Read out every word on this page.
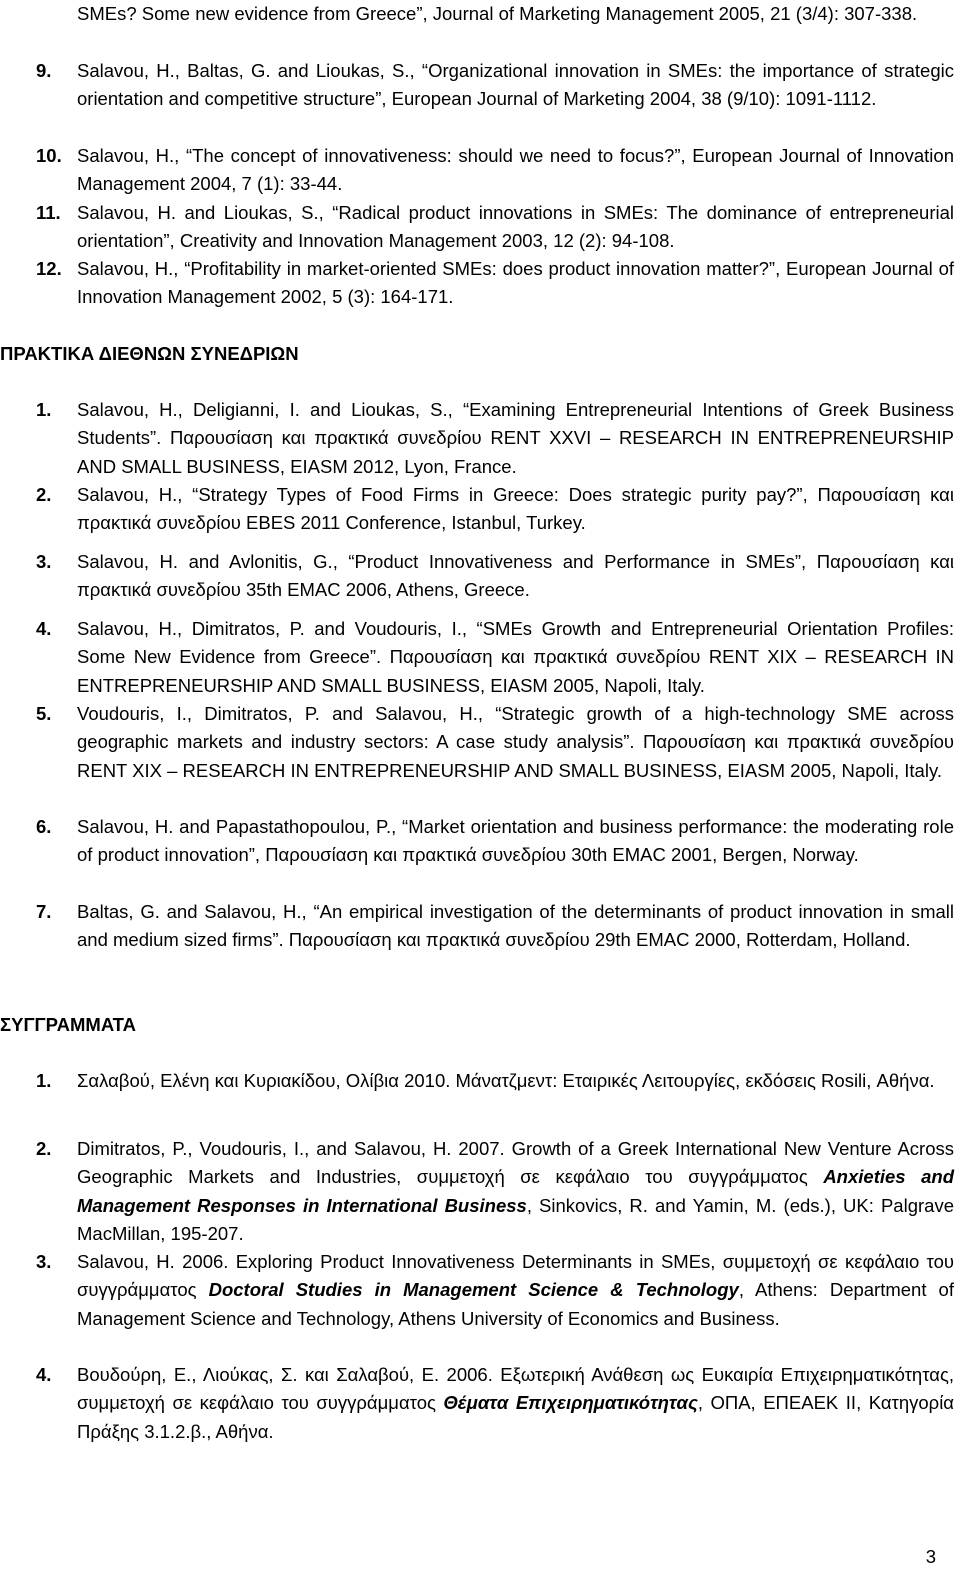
SMEs? Some new evidence from Greece”, Journal of Marketing Management 2005, 21 (3/4): 307-338.
9. Salavou, H., Baltas, G. and Lioukas, S., “Organizational innovation in SMEs: the importance of strategic orientation and competitive structure”, European Journal of Marketing 2004, 38 (9/10): 1091-1112.
10. Salavou, H., “The concept of innovativeness: should we need to focus?”, European Journal of Innovation Management 2004, 7 (1): 33-44.
11. Salavou, H. and Lioukas, S., “Radical product innovations in SMEs: The dominance of entrepreneurial orientation”, Creativity and Innovation Management 2003, 12 (2): 94-108.
12. Salavou, H., “Profitability in market-oriented SMEs: does product innovation matter?”, European Journal of Innovation Management 2002, 5 (3): 164-171.
ΠΡΑΚΤΙΚΑ ΔΙΕΘΝΩΝ ΣΥΝΕΔΡΙΩΝ
1. Salavou, H., Deligianni, I. and Lioukas, S., “Examining Entrepreneurial Intentions of Greek Business Students”. Παρουσίαση και πρακτικά συνεδρίου RENT XXVI – RESEARCH IN ENTREPRENEURSHIP AND SMALL BUSINESS, EIASM 2012, Lyon, France.
2. Salavou, H., “Strategy Types of Food Firms in Greece: Does strategic purity pay?”, Παρουσίαση και πρακτικά συνεδρίου EBES 2011 Conference, Istanbul, Turkey.
3. Salavou, H. and Avlonitis, G., “Product Innovativeness and Performance in SMEs”, Παρουσίαση και πρακτικά συνεδρίου 35th EMAC 2006, Athens, Greece.
4. Salavou, H., Dimitratos, P. and Voudouris, I., “SMEs Growth and Entrepreneurial Orientation Profiles: Some New Evidence from Greece”. Παρουσίαση και πρακτικά συνεδρίου RENT XIX – RESEARCH IN ENTREPRENEURSHIP AND SMALL BUSINESS, EIASM 2005, Napoli, Italy.
5. Voudouris, I., Dimitratos, P. and Salavou, H., “Strategic growth of a high-technology SME across geographic markets and industry sectors: A case study analysis”. Παρουσίαση και πρακτικά συνεδρίου RENT XIX – RESEARCH IN ENTREPRENEURSHIP AND SMALL BUSINESS, EIASM 2005, Napoli, Italy.
6. Salavou, H. and Papastathopoulou, P., “Market orientation and business performance: the moderating role of product innovation”, Παρουσίαση και πρακτικά συνεδρίου 30th EMAC 2001, Bergen, Norway.
7. Baltas, G. and Salavou, H., “An empirical investigation of the determinants of product innovation in small and medium sized firms”. Παρουσίαση και πρακτικά συνεδρίου 29th EMAC 2000, Rotterdam, Holland.
ΣΥΓΓΡΑΜΜΑΤΑ
1. Σαλαβού, Ελένη και Κυριακίδου, Ολίβια 2010. Μάνατζμεντ: Εταιρικές Λειτουργίες, εκδόσεις Rosili, Αθήνα.
2. Dimitratos, P., Voudouris, I., and Salavou, H. 2007. Growth of a Greek International New Venture Across Geographic Markets and Industries, συμμετοχή σε κεφάλαιο του συγγράμματος Anxieties and Management Responses in International Business, Sinkovics, R. and Yamin, M. (eds.), UK: Palgrave MacMillan, 195-207.
3. Salavou, H. 2006. Exploring Product Innovativeness Determinants in SMEs, συμμετοχή σε κεφάλαιο του συγγράμματος Doctoral Studies in Management Science & Technology, Athens: Department of Management Science and Technology, Athens University of Economics and Business.
4. Βουδούρη, Ε., Λιούκας, Σ. και Σαλαβού, Ε. 2006. Εξωτερική Ανάθεση ως Ευκαιρία Επιχειρηματικότητας, συμμετοχή σε κεφάλαιο του συγγράμματος Θέματα Επιχειρηματικότητας, ΟΠΑ, ΕΠΕΑΕΚ ΙΙ, Κατηγορία Πράξης 3.1.2.β., Αθήνα.
3
